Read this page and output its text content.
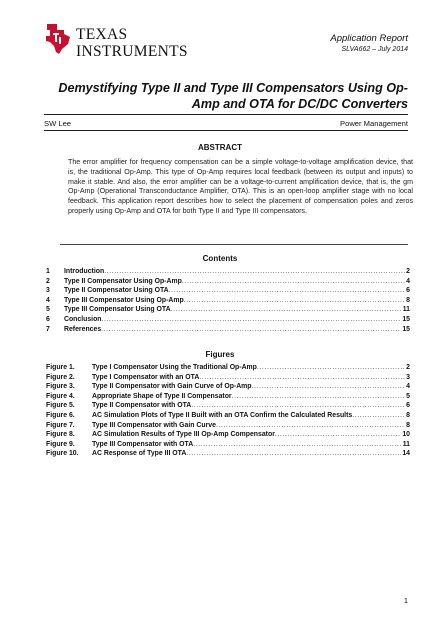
TEXAS
INSTRUMENTS
Application Report
SLVA662 – July 2014
Demystifying Type II and Type III Compensators Using Op-
Amp and OTA for DC/DC Converters
SW Lee	Power Management
ABSTRACT
The error amplifier for frequency compensation can be a simple voltage-to-voltage amplification device, that is, the traditional Op-Amp. This type of Op-Amp requires local feedback (between its output and inputs) to make it stable. And also, the error amplifier can be a voltage-to-current amplification device, that is, the gm Op-Amp (Operational Transconductance Amplifier, OTA). This is an open-loop amplifier stage with no local feedback. This application report describes how to select the placement of compensation poles and zeros properly using Op-Amp and OTA for both Type II and Type III compensators.
Contents
1	Introduction .....	2
2	Type II Compensator Using Op-Amp .....	4
3	Type II Compensator Using OTA .....	6
4	Type III Compensator Using Op-Amp .....	8
5	Type III Compensator Using OTA .....	11
6	Conclusion .....	15
7	References .....	15
Figures
Figure 1.	Type I Compensator Using the Traditional Op-Amp .....	2
Figure 2.	Type I Compensator with an OTA .....	3
Figure 3.	Type II Compensator with Gain Curve of Op-Amp .....	4
Figure 4.	Appropriate Shape of Type II Compensator .....	5
Figure 5.	Type II Compensator with OTA .....	6
Figure 6.	AC Simulation Plots of Type II Built with an OTA Confirm the Calculated Results .....	8
Figure 7.	Type III Compensator with Gain Curve .....	8
Figure 8.	AC Simulation Results of Type III Op-Amp Compensator .....	10
Figure 9.	Type III Compensator with OTA .....	11
Figure 10.	AC Response of Type III OTA .....	14
1
